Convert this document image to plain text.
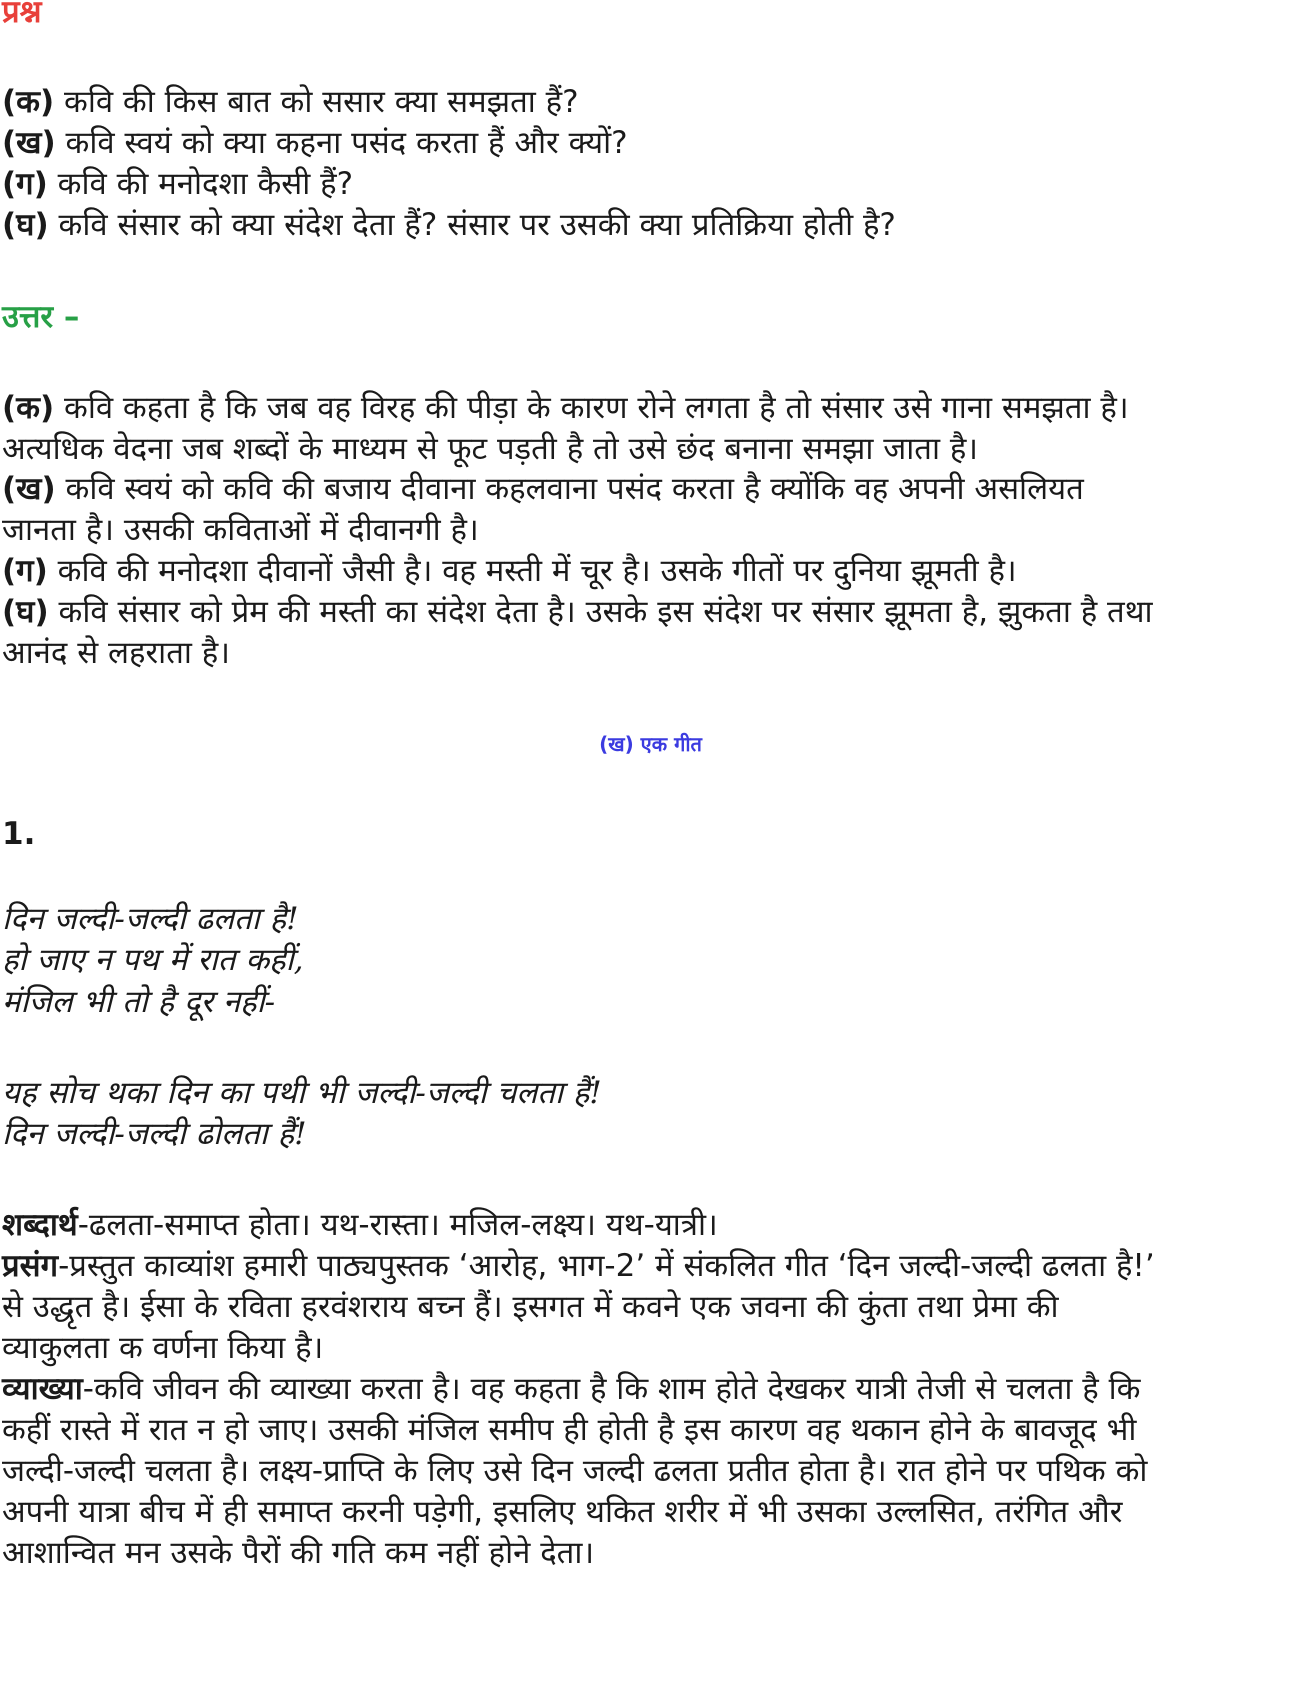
प्रश्न
(क) कवि की किस बात को ससार क्या समझता हैं?
(ख) कवि स्वयं को क्या कहना पसंद करता हैं और क्यों?
(ग) कवि की मनोदशा कैसी हैं?
(घ) कवि संसार को क्या संदेश देता हैं? संसार पर उसकी क्या प्रतिक्रिया होती है?
उत्तर –
(क) कवि कहता है कि जब वह विरह की पीड़ा के कारण रोने लगता है तो संसार उसे गाना समझता है।
अत्यधिक वेदना जब शब्दों के माध्यम से फूट पड़ती है तो उसे छंद बनाना समझा जाता है।
(ख) कवि स्वयं को कवि की बजाय दीवाना कहलवाना पसंद करता है क्योंकि वह अपनी असलियत
जानता है। उसकी कविताओं में दीवानगी है।
(ग) कवि की मनोदशा दीवानों जैसी है। वह मस्ती में चूर है। उसके गीतों पर दुनिया झूमती है।
(घ) कवि संसार को प्रेम की मस्ती का संदेश देता है। उसके इस संदेश पर संसार झूमता है, झुकता है तथा
आनंद से लहराता है।
(ख) एक गीत
1.
दिन जल्दी-जल्दी ढलता है!
हो जाए न पथ में रात कहीं,
मंजिल भी तो है दूर नहीं-
यह सोच थका दिन का पथी भी जल्दी-जल्दी चलता हैं!
दिन जल्दी-जल्दी ढोलता हैं!
शब्दार्थ-ढलता-समाप्त होता। यथ-रास्ता। मजिल-लक्ष्य। यथ-यात्री।
प्रसंग-प्रस्तुत काव्यांश हमारी पाठ्यपुस्तक ‘आरोह, भाग-2’ में संकलित गीत ‘दिन जल्दी-जल्दी ढलता है!’
से उद्धृत है। ईसा के रविता हरवंशराय बच्न हैं। इसगत में कवने एक जवना की कुंता तथा प्रेमा की
व्याकुलता क वर्णना किया है।
व्याख्या-कवि जीवन की व्याख्या करता है। वह कहता है कि शाम होते देखकर यात्री तेजी से चलता है कि
कहीं रास्ते में रात न हो जाए। उसकी मंजिल समीप ही होती है इस कारण वह थकान होने के बावजूद भी
जल्दी-जल्दी चलता है। लक्ष्य-प्राप्ति के लिए उसे दिन जल्दी ढलता प्रतीत होता है। रात होने पर पथिक को
अपनी यात्रा बीच में ही समाप्त करनी पड़ेगी, इसलिए थकित शरीर में भी उसका उल्लसित, तरंगित और
आशान्वित मन उसके पैरों की गति कम नहीं होने देता।
